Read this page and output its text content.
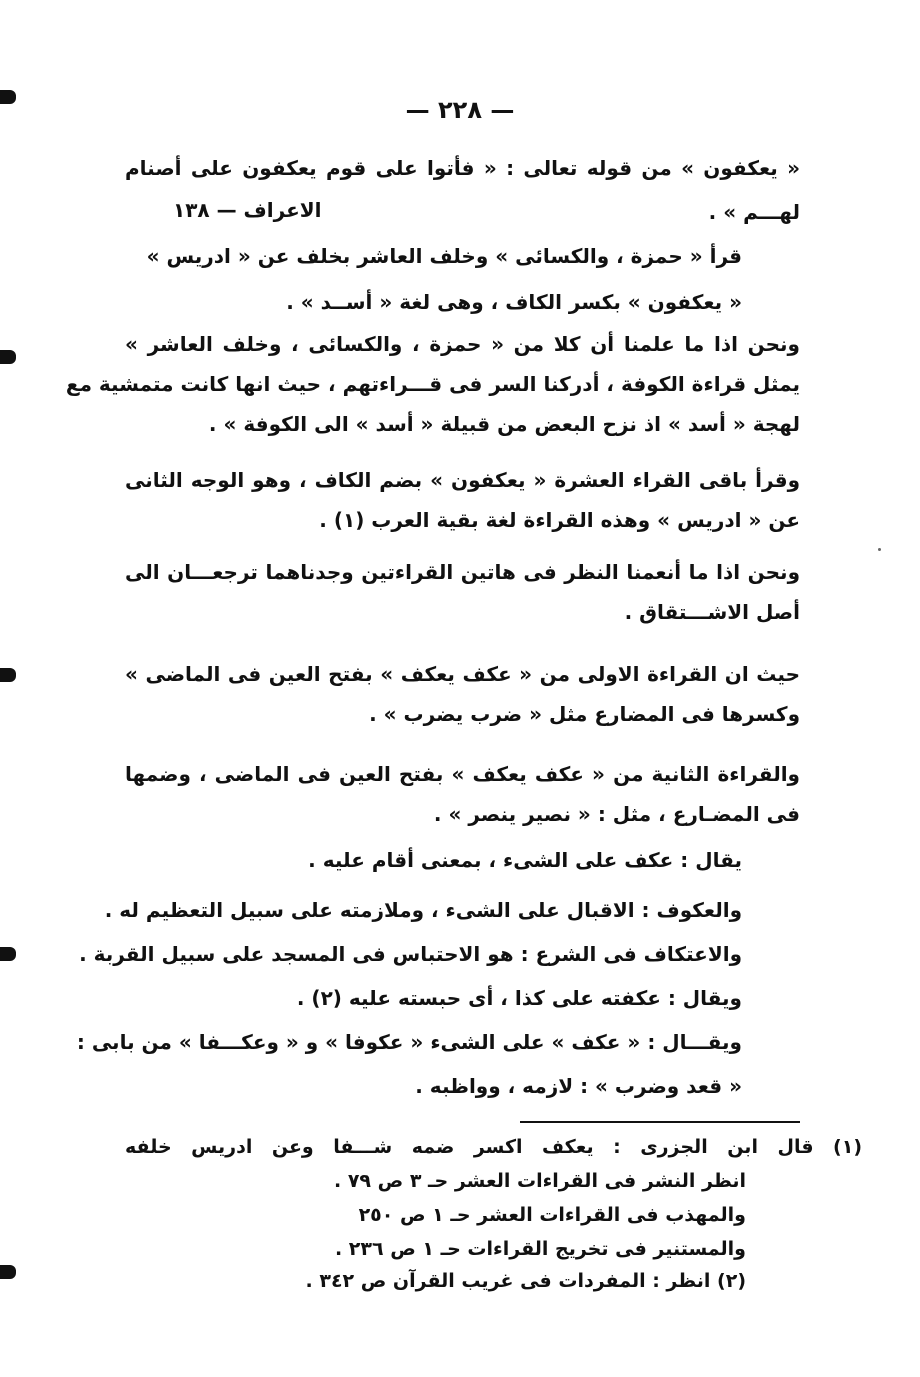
— ٢٢٨ —
« يعكفون » من قوله تعالى : « فأتوا على قوم يعكفون على أصنام
لهـــم » .
الاعراف — ١٣٨
قرأ « حمزة ، والكسائى » وخلف العاشر بخلف عن « ادريس »
« يعكفون » بكسر الكاف ، وهى لغة « أســد » .
ونحن اذا ما علمنا أن كلا من « حمزة ، والكسائى ، وخلف العاشر »
يمثل قراءة الكوفة ، أدركنا السر فى قـــراءتهم ، حيث انها كانت متمشية مع
لهجة « أسد » اذ نزح البعض من قبيلة « أسد » الى الكوفة » .
وقرأ باقى القراء العشرة « يعكفون » بضم الكاف ، وهو الوجه الثانى
عن « ادريس » وهذه القراءة لغة بقية العرب (١) .
ونحن اذا ما أنعمنا النظر فى هاتين القراءتين وجدناهما ترجعـــان الى
أصل الاشـــتقاق .
حيث ان القراءة الاولى من « عكف يعكف » بفتح العين فى الماضى »
وكسرها فى المضارع مثل « ضرب يضرب » .
والقراءة الثانية من « عكف يعكف » بفتح العين فى الماضى ، وضمها
فى المضـارع ، مثل : « نصير ينصر » .
يقال : عكف على الشىء ، بمعنى أقام عليه .
والعكوف : الاقبال على الشىء ، وملازمته على سبيل التعظيم له .
والاعتكاف فى الشرع : هو الاحتباس فى المسجد على سبيل القربة .
ويقال : عكفته على كذا ، أى حبسته عليه (٢) .
ويقـــال : « عكف » على الشىء « عكوفا » و « وعكـــفا » من بابى :
« قعد وضرب » : لازمه ، وواظبه .
(١) قال ابن الجزرى : يعكف اكسر ضمه شـــفا وعن ادريس خلفه
انظر النشر فى القراءات العشر حـ ٣ ص ٧٩ .
والمهذب فى القراءات العشر حـ ١ ص ٢٥٠
والمستنير فى تخريج القراءات حـ ١ ص ٢٣٦ .
(٢) انظر : المفردات فى غريب القرآن ص ٣٤٢ .
